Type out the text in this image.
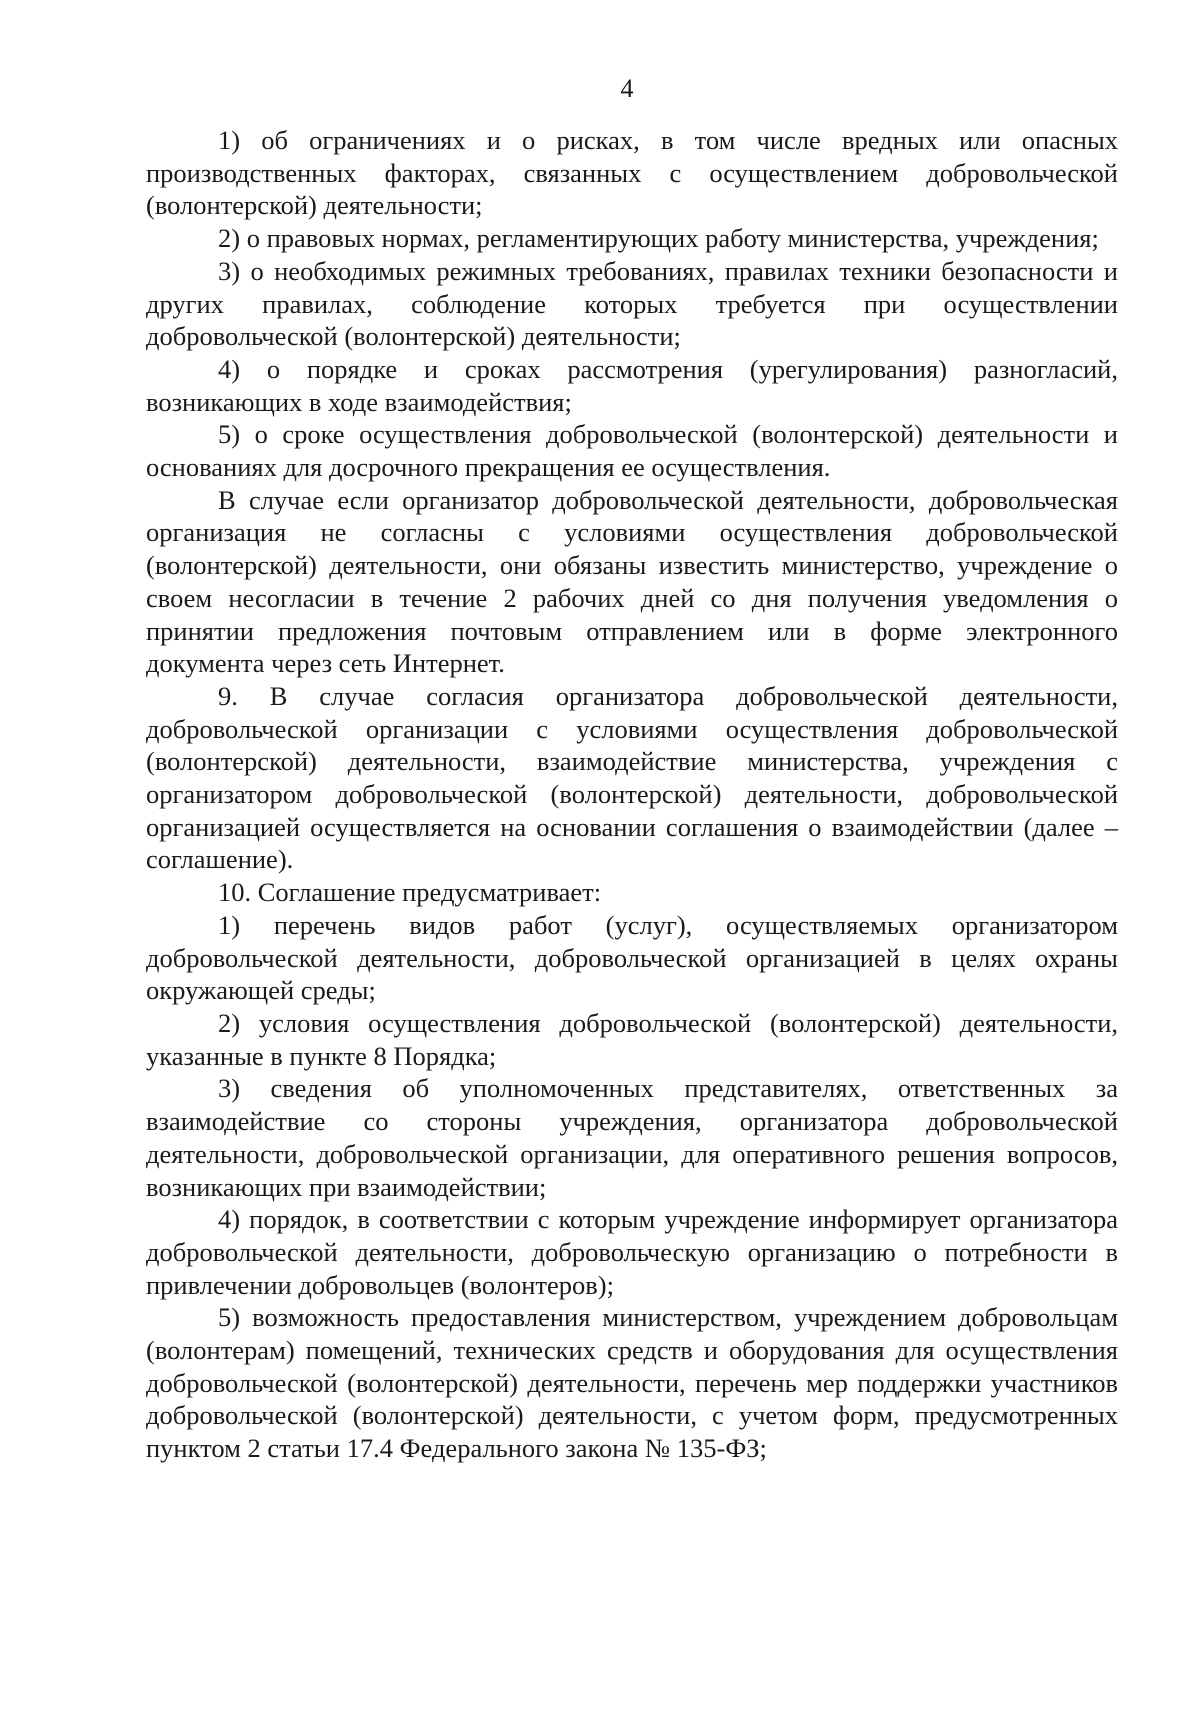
4

1) об ограничениях и о рисках, в том числе вредных или опасных производственных факторах, связанных с осуществлением добровольческой (волонтерской) деятельности;

2) о правовых нормах, регламентирующих работу министерства, учреждения;

3) о необходимых режимных требованиях, правилах техники безопасности и других правилах, соблюдение которых требуется при осуществлении добровольческой (волонтерской) деятельности;

4) о порядке и сроках рассмотрения (урегулирования) разногласий, возникающих в ходе взаимодействия;

5) о сроке осуществления добровольческой (волонтерской) деятельности и основаниях для досрочного прекращения ее осуществления.

В случае если организатор добровольческой деятельности, добровольческая организация не согласны с условиями осуществления добровольческой (волонтерской) деятельности, они обязаны известить министерство, учреждение о своем несогласии в течение 2 рабочих дней со дня получения уведомления о принятии предложения почтовым отправлением или в форме электронного документа через сеть Интернет.

9. В случае согласия организатора добровольческой деятельности, добровольческой организации с условиями осуществления добровольческой (волонтерской) деятельности, взаимодействие министерства, учреждения с организатором добровольческой (волонтерской) деятельности, добровольческой организацией осуществляется на основании соглашения о взаимодействии (далее – соглашение).

10. Соглашение предусматривает:

1) перечень видов работ (услуг), осуществляемых организатором добровольческой деятельности, добровольческой организацией в целях охраны окружающей среды;

2) условия осуществления добровольческой (волонтерской) деятельности, указанные в пункте 8 Порядка;

3) сведения об уполномоченных представителях, ответственных за взаимодействие со стороны учреждения, организатора добровольческой деятельности, добровольческой организации, для оперативного решения вопросов, возникающих при взаимодействии;

4) порядок, в соответствии с которым учреждение информирует организатора добровольческой деятельности, добровольческую организацию о потребности в привлечении добровольцев (волонтеров);

5) возможность предоставления министерством, учреждением добровольцам (волонтерам) помещений, технических средств и оборудования для осуществления добровольческой (волонтерской) деятельности, перечень мер поддержки участников добровольческой (волонтерской) деятельности, с учетом форм, предусмотренных пунктом 2 статьи 17.4 Федерального закона № 135-ФЗ;
